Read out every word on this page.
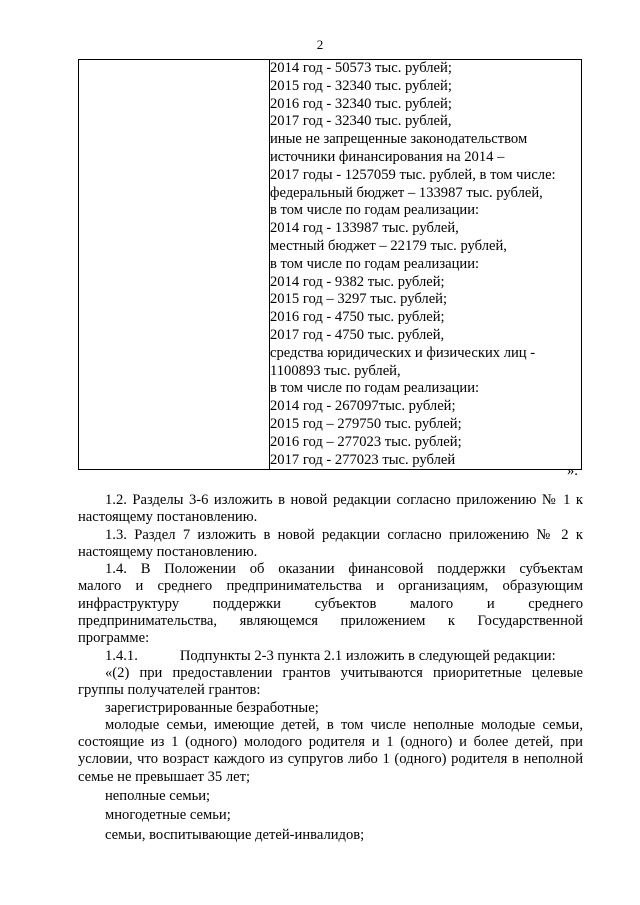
2

2014 год - 50573 тыс. рублей;
2015 год - 32340 тыс. рублей;
2016 год - 32340 тыс. рублей;
2017 год - 32340 тыс. рублей,
иные не запрещенные законодательством
источники финансирования на 2014 –
2017 годы - 1257059 тыс. рублей, в том числе:
федеральный бюджет – 133987 тыс. рублей,
в том числе по годам реализации:
2014 год - 133987 тыс. рублей,
местный бюджет – 22179 тыс. рублей,
в том числе по годам реализации:
2014 год - 9382 тыс. рублей;
2015 год – 3297 тыс. рублей;
2016 год - 4750 тыс. рублей;
2017 год - 4750 тыс. рублей,
средства юридических и физических лиц -
1100893 тыс. рублей,
в том числе по годам реализации:
2014 год - 267097тыс. рублей;
2015 год – 279750 тыс. рублей;
2016 год – 277023 тыс. рублей;
2017 год - 277023 тыс. рублей
».

1.2. Разделы 3-6 изложить в новой редакции согласно приложению № 1 к настоящему постановлению.

1.3. Раздел 7 изложить в новой редакции согласно приложению № 2 к настоящему постановлению.

1.4. В Положении об оказании финансовой поддержки субъектам

малого и среднего предпринимательства и организациям, образующим

инфраструктуру поддержки субъектов малого и среднего

предпринимательства, являющемся приложением к Государственной

программе:

1.4.1.	Подпункты 2-3 пункта 2.1 изложить в следующей редакции:

«(2) при предоставлении грантов учитываются приоритетные целевые группы получателей грантов:

зарегистрированные безработные;

молодые семьи, имеющие детей, в том числе неполные молодые семьи, состоящие из 1 (одного) молодого родителя и 1 (одного) и более детей, при условии, что возраст каждого из супругов либо 1 (одного) родителя в неполной семье не превышает 35 лет;

неполные семьи;

многодетные семьи;

семьи, воспитывающие детей-инвалидов;
